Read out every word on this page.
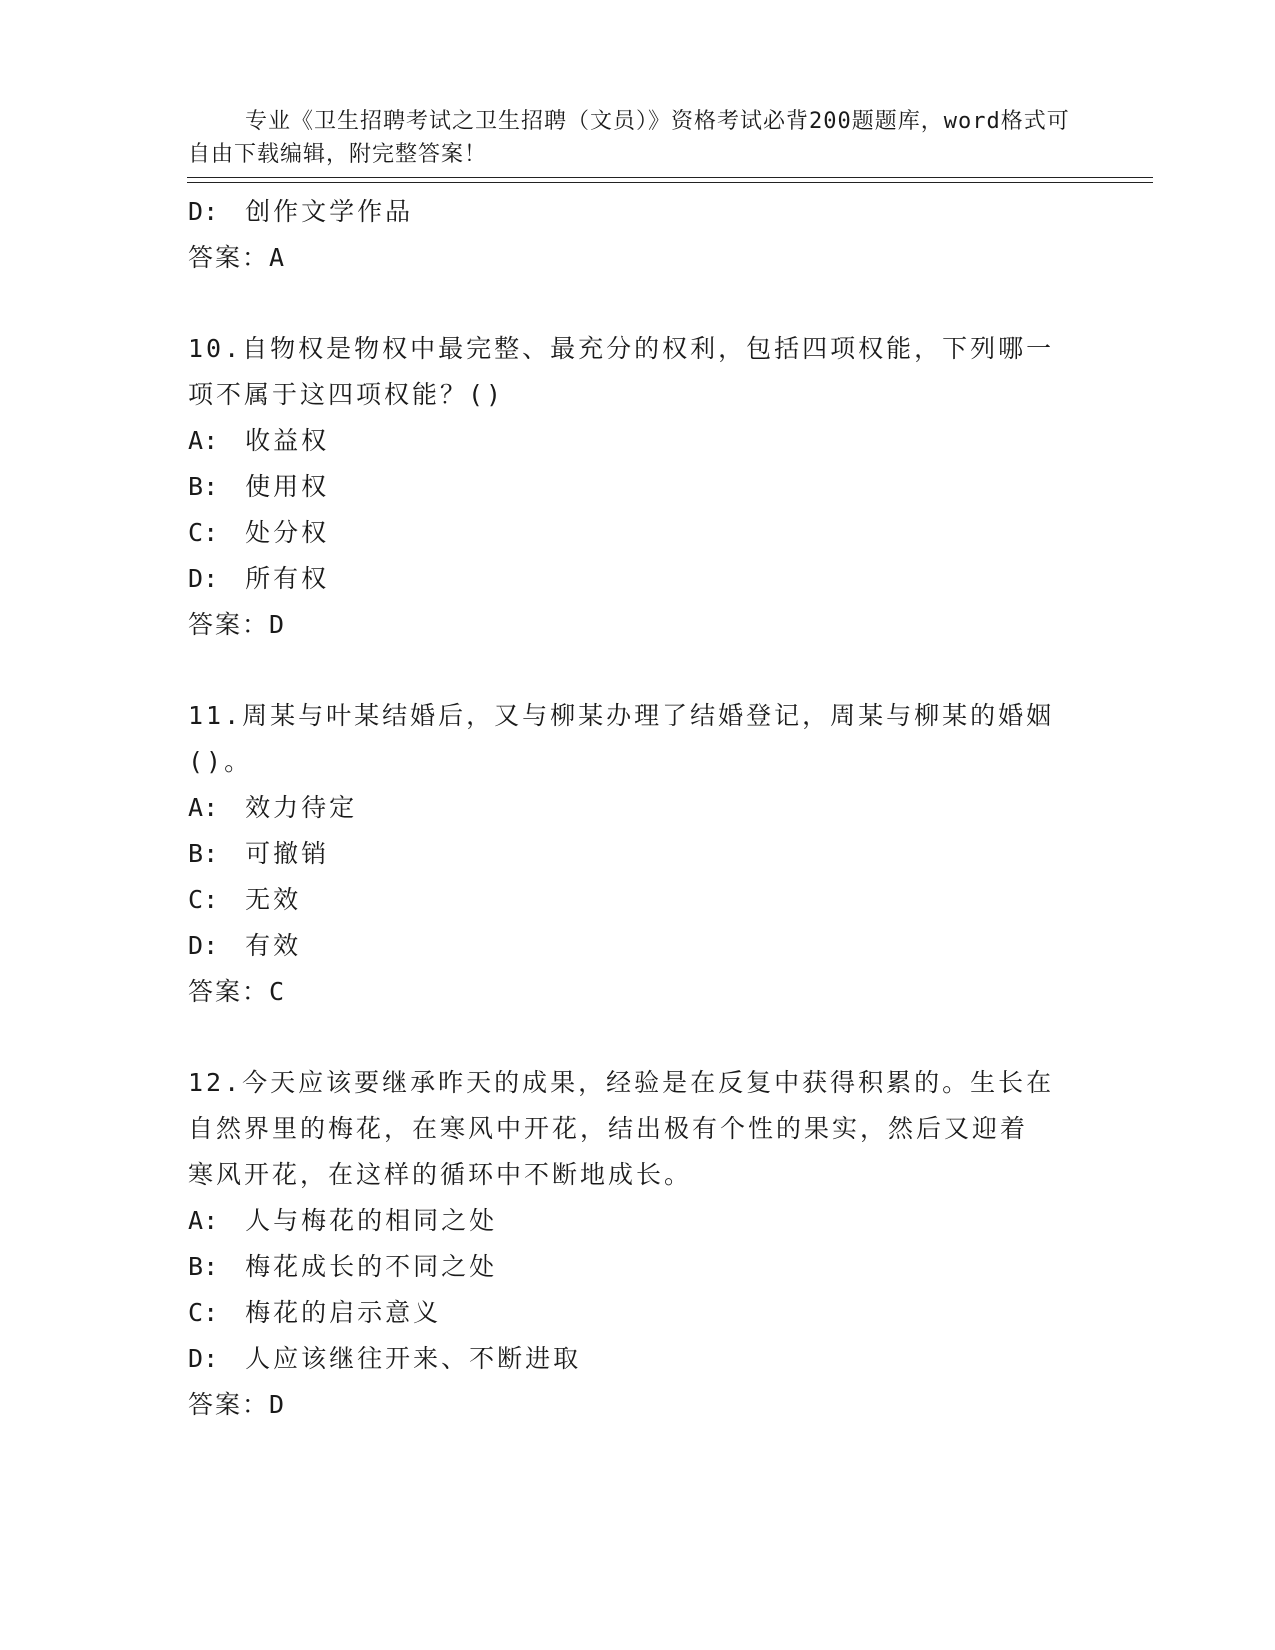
专业《卫生招聘考试之卫生招聘（文员）》资格考试必背200题题库，word格式可自由下载编辑，附完整答案！

D: 创作文学作品
答案：A
10.自物权是物权中最完整、最充分的权利，包括四项权能，下列哪一
项不属于这四项权能？()
A: 收益权
B: 使用权
C: 处分权
D: 所有权
答案：D
11.周某与叶某结婚后，又与柳某办理了结婚登记，周某与柳某的婚姻
()。
A: 效力待定
B: 可撤销
C: 无效
D: 有效
答案：C
12.今天应该要继承昨天的成果，经验是在反复中获得积累的。生长在
自然界里的梅花，在寒风中开花，结出极有个性的果实，然后又迎着
寒风开花，在这样的循环中不断地成长。
A: 人与梅花的相同之处
B: 梅花成长的不同之处
C: 梅花的启示意义
D: 人应该继往开来、不断进取
答案：D
